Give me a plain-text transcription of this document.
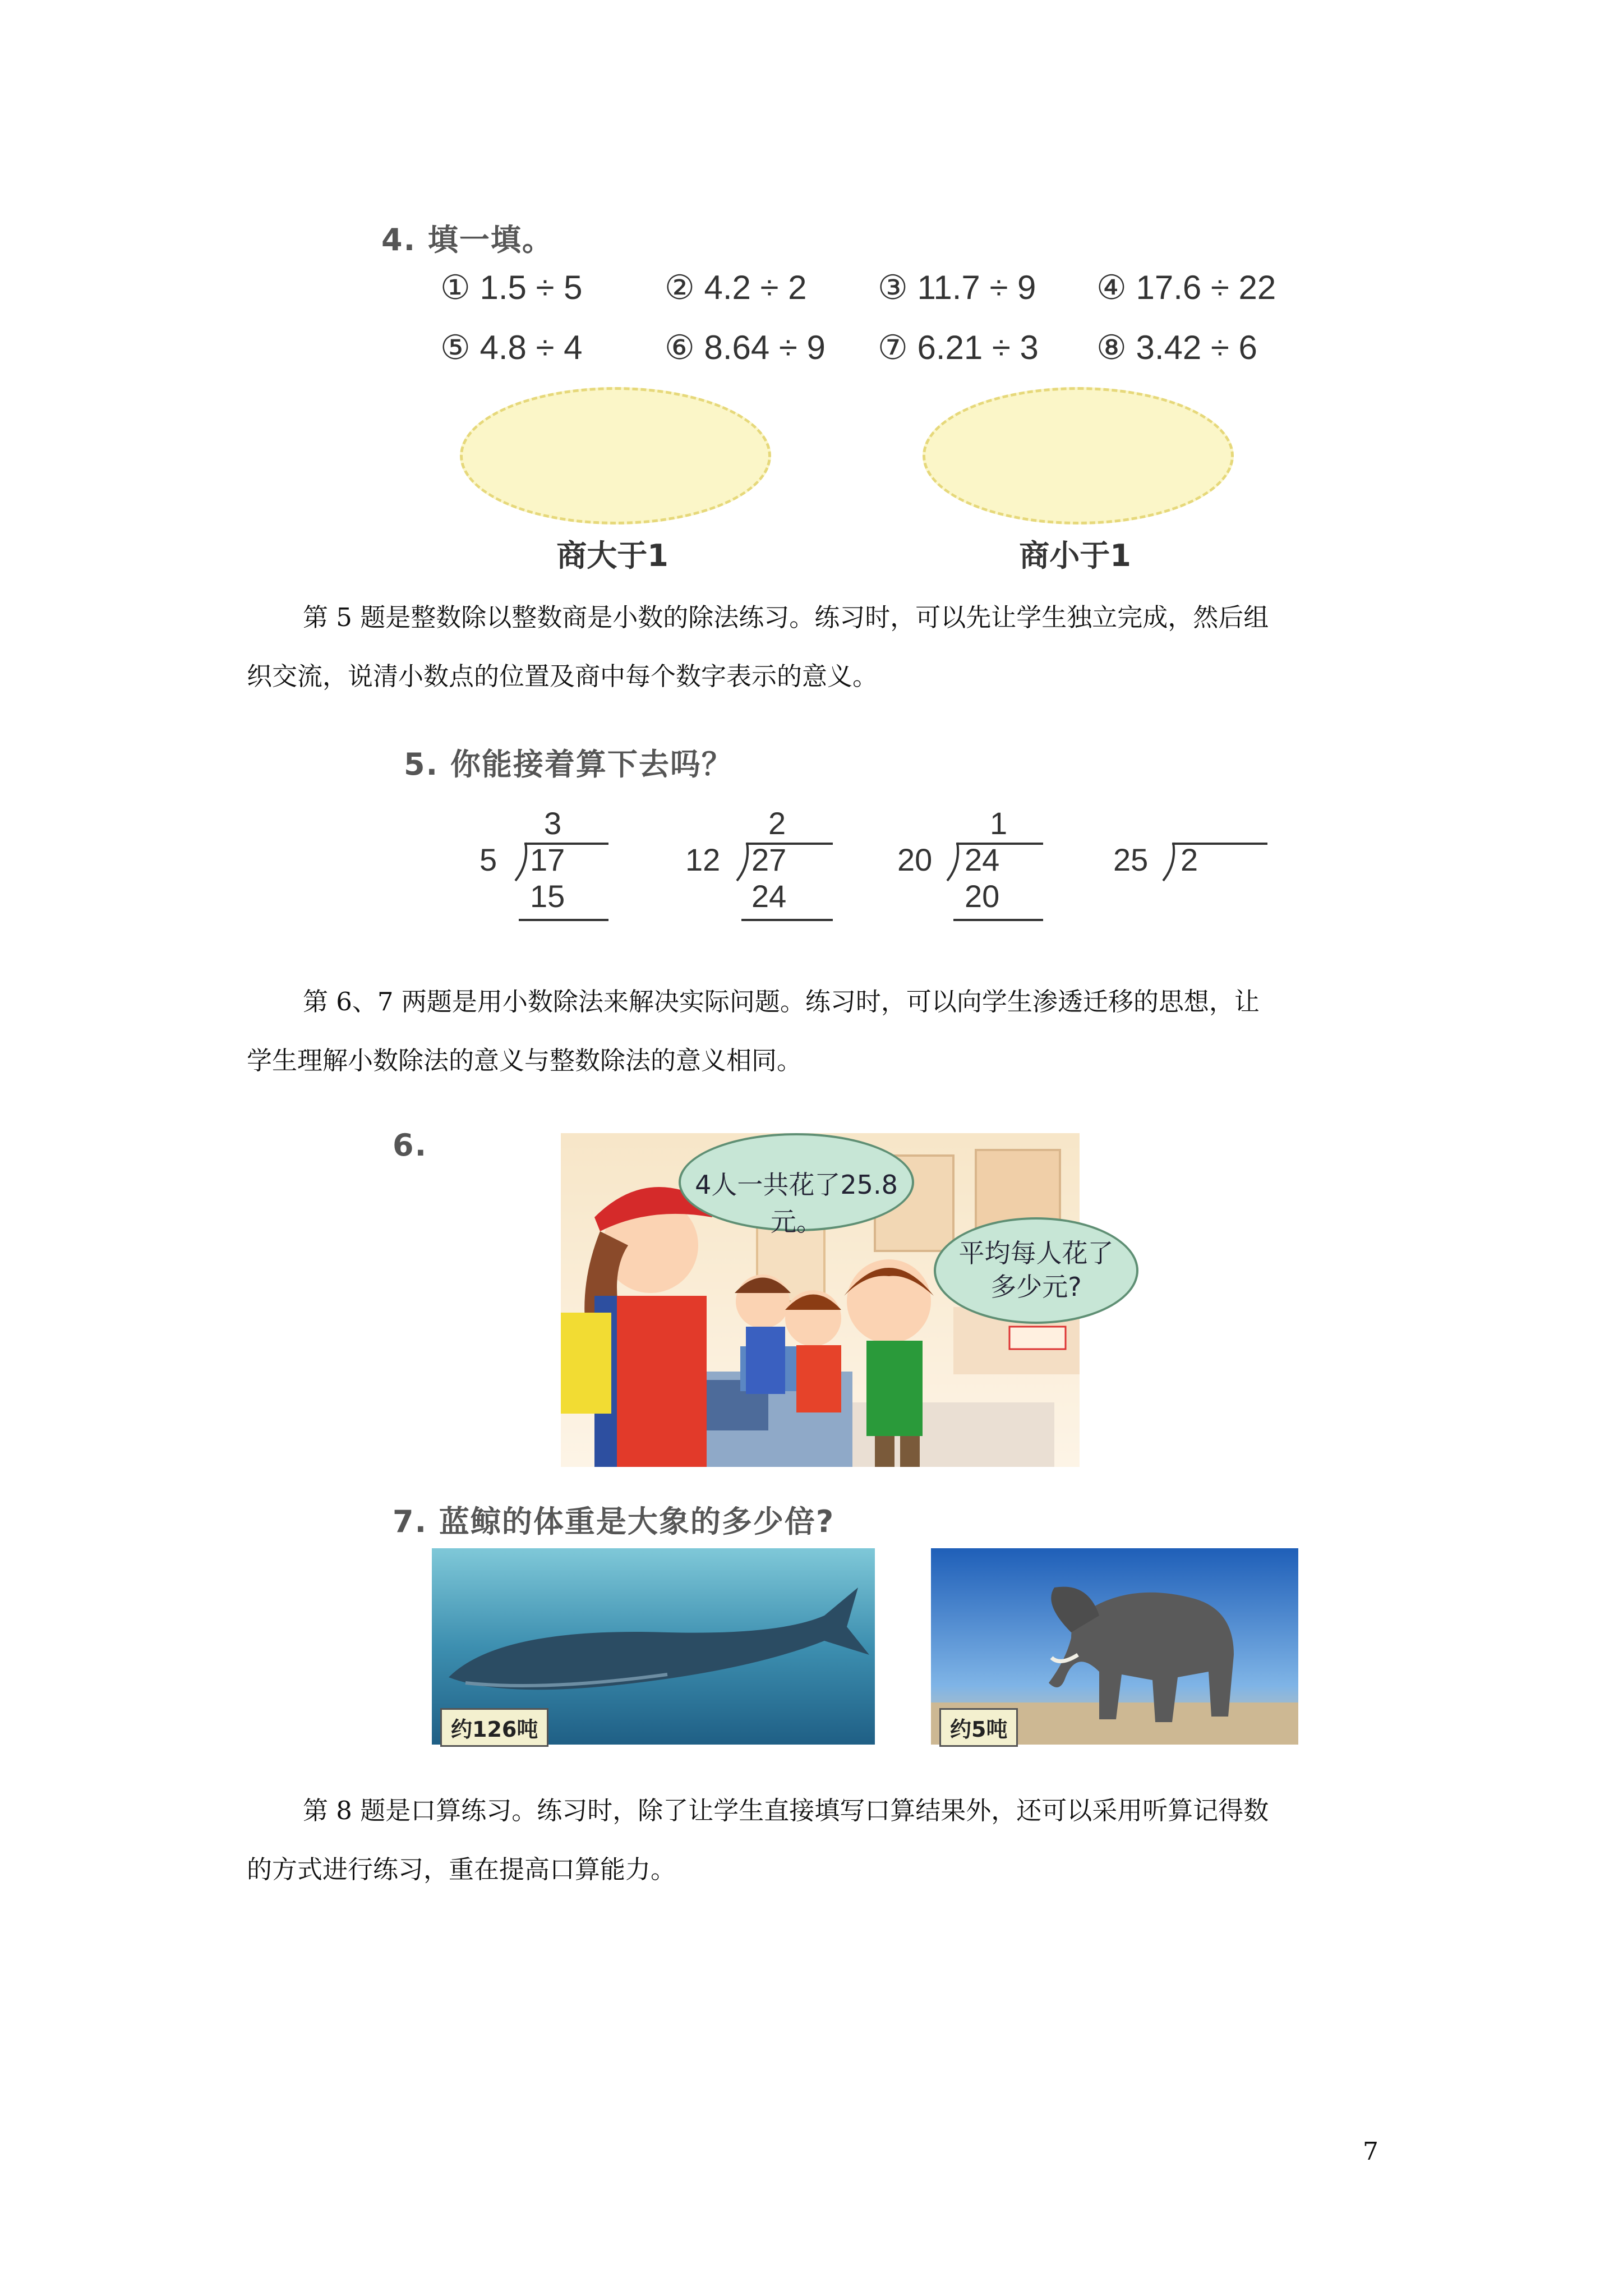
4. 填一填。
① 1.5 ÷ 5 ② 4.2 ÷ 2 ③ 11.7 ÷ 9 ④ 17.6 ÷ 22
⑤ 4.8 ÷ 4 ⑥ 8.64 ÷ 9 ⑦ 6.21 ÷ 3 ⑧ 3.42 ÷ 6
商大于1	商小于1
第 5 题是整数除以整数商是小数的除法练习。练习时，可以先让学生独立完成，然后组
织交流，说清小数点的位置及商中每个数字表示的意义。
5. 你能接着算下去吗？
3
5 17
15
2
12 27
24
1
20 24
20
25 2
第 6、7 两题是用小数除法来解决实际问题。练习时，可以向学生渗透迁移的思想，让
学生理解小数除法的意义与整数除法的意义相同。
6.
4人一共花了25.8元。
平均每人花了
多少元?
7. 蓝鲸的体重是大象的多少倍?
约126吨	约5吨
第 8 题是口算练习。练习时，除了让学生直接填写口算结果外，还可以采用听算记得数
的方式进行练习，重在提高口算能力。
7
